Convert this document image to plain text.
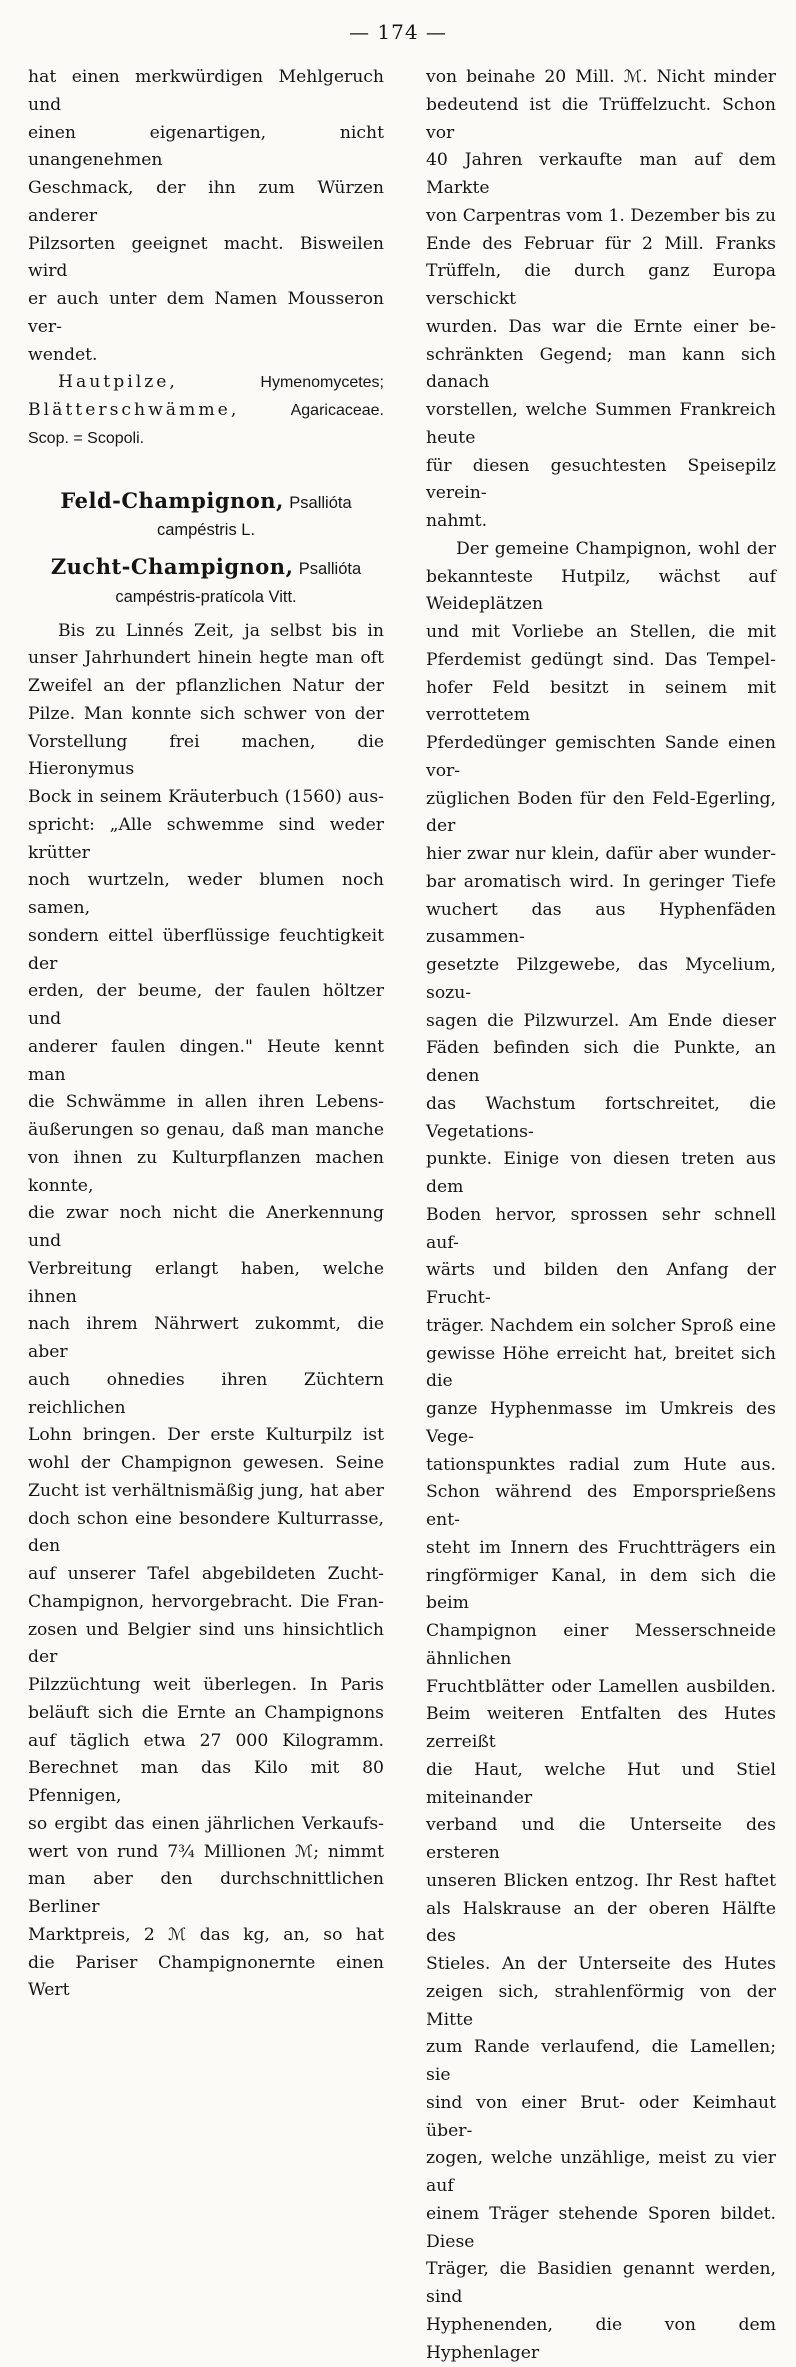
— 174 —
hat einen merkwürdigen Mehlgeruch und
einen eigenartigen, nicht unangenehmen
Geschmack, der ihn zum Würzen anderer
Pilzsorten geeignet macht. Bisweilen wird
er auch unter dem Namen Mousseron ver-
wendet.
Hautpilze,	Hymenomycetes;
Blätterschwämme,	Agaricaceae.
Scop. = Scopoli.
Feld-Champignon, Psallióta
campéstris L.
Zucht-Champignon, Psallióta
campéstris-pratícola Vitt.
Bis zu Linnés Zeit, ja selbst bis in
unser Jahrhundert hinein hegte man oft
Zweifel an der pflanzlichen Natur der
Pilze. Man konnte sich schwer von der
Vorstellung frei machen, die Hieronymus
Bock in seinem Kräuterbuch (1560) aus-
spricht: „Alle schwemme sind weder krütter
noch wurtzeln, weder blumen noch samen,
sondern eittel überflüssige feuchtigkeit der
erden, der beume, der faulen höltzer und
anderer faulen dingen." Heute kennt man
die Schwämme in allen ihren Lebens-
äußerungen so genau, daß man manche
von ihnen zu Kulturpflanzen machen konnte,
die zwar noch nicht die Anerkennung und
Verbreitung erlangt haben, welche ihnen
nach ihrem Nährwert zukommt, die aber
auch ohnedies ihren Züchtern reichlichen
Lohn bringen. Der erste Kulturpilz ist
wohl der Champignon gewesen. Seine
Zucht ist verhältnismäßig jung, hat aber
doch schon eine besondere Kulturrasse, den
auf unserer Tafel abgebildeten Zucht-
Champignon, hervorgebracht. Die Fran-
zosen und Belgier sind uns hinsichtlich der
Pilzzüchtung weit überlegen. In Paris
beläuft sich die Ernte an Champignons
auf täglich etwa 27 000 Kilogramm.
Berechnet man das Kilo mit 80 Pfennigen,
so ergibt das einen jährlichen Verkaufs-
wert von rund 7¾ Millionen ℳ; nimmt
man aber den durchschnittlichen Berliner
Marktpreis, 2 ℳ das kg, an, so hat
die Pariser Champignonernte einen Wert
von beinahe 20 Mill. ℳ. Nicht minder
bedeutend ist die Trüffelzucht. Schon vor
40 Jahren verkaufte man auf dem Markte
von Carpentras vom 1. Dezember bis zu
Ende des Februar für 2 Mill. Franks
Trüffeln, die durch ganz Europa verschickt
wurden. Das war die Ernte einer be-
schränkten Gegend; man kann sich danach
vorstellen, welche Summen Frankreich heute
für diesen gesuchtesten Speisepilz verein-
nahmt.
Der gemeine Champignon, wohl der
bekannteste Hutpilz, wächst auf Weideplätzen
und mit Vorliebe an Stellen, die mit
Pferdemist gedüngt sind. Das Tempel-
hofer Feld besitzt in seinem mit verrottetem
Pferdedünger gemischten Sande einen vor-
züglichen Boden für den Feld-Egerling, der
hier zwar nur klein, dafür aber wunder-
bar aromatisch wird. In geringer Tiefe
wuchert das aus Hyphenfäden zusammen-
gesetzte Pilzgewebe, das Mycelium, sozu-
sagen die Pilzwurzel. Am Ende dieser
Fäden befinden sich die Punkte, an denen
das Wachstum fortschreitet, die Vegetations-
punkte. Einige von diesen treten aus dem
Boden hervor, sprossen sehr schnell auf-
wärts und bilden den Anfang der Frucht-
träger. Nachdem ein solcher Sproß eine
gewisse Höhe erreicht hat, breitet sich die
ganze Hyphenmasse im Umkreis des Vege-
tationspunktes radial zum Hute aus.
Schon während des Emporsprießens ent-
steht im Innern des Fruchtträgers ein
ringförmiger Kanal, in dem sich die beim
Champignon einer Messerschneide ähnlichen
Fruchtblätter oder Lamellen ausbilden.
Beim weiteren Entfalten des Hutes zerreißt
die Haut, welche Hut und Stiel miteinander
verband und die Unterseite des ersteren
unseren Blicken entzog. Ihr Rest haftet
als Halskrause an der oberen Hälfte des
Stieles. An der Unterseite des Hutes
zeigen sich, strahlenförmig von der Mitte
zum Rande verlaufend, die Lamellen; sie
sind von einer Brut- oder Keimhaut über-
zogen, welche unzählige, meist zu vier auf
einem Träger stehende Sporen bildet. Diese
Träger, die Basidien genannt werden, sind
Hyphenenden, die von dem Hyphenlager
